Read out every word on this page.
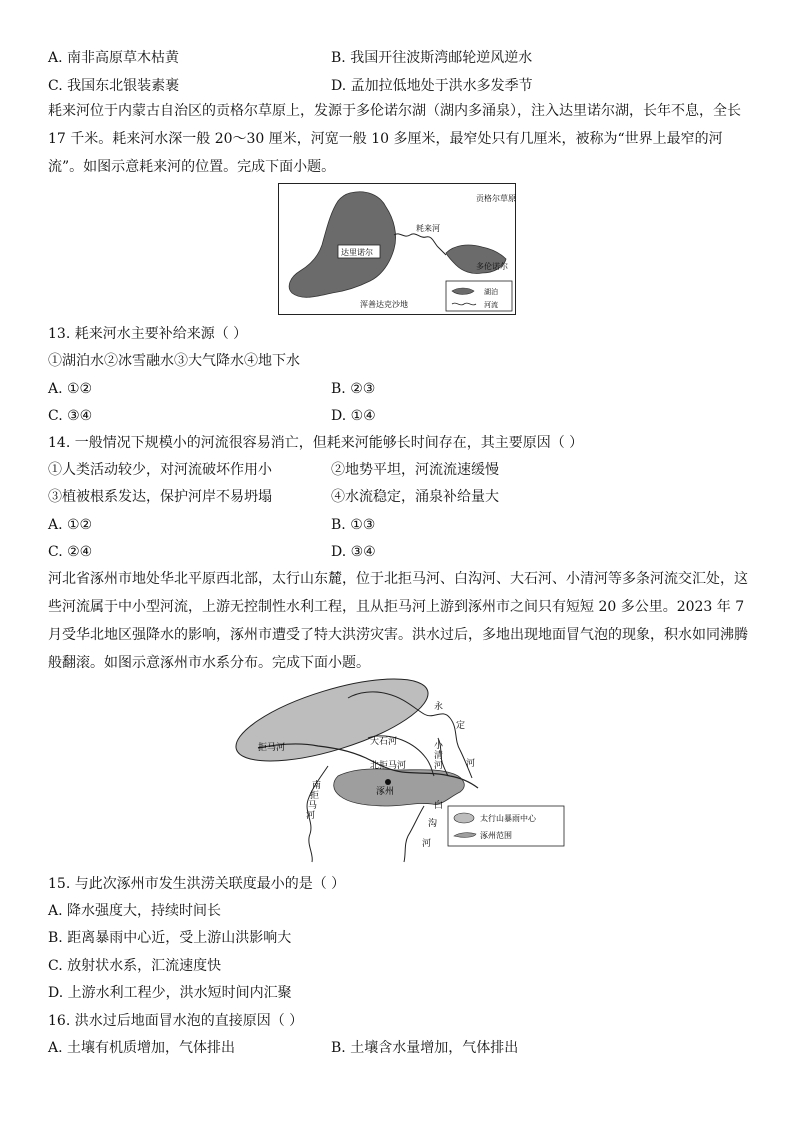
A. 南非高原草木枯黄	B. 我国开往波斯湾邮轮逆风逆水
C. 我国东北银装素裹	D. 孟加拉低地处于洪水多发季节
耗来河位于内蒙古自治区的贡格尔草原上，发源于多伦诺尔湖（湖内多涌泉），注入达里诺尔湖，长年不息，全长 17 千米。耗来河水深一般 20～30 厘米，河宽一般 10 多厘米，最窄处只有几厘米，被称为“世界上最窄的河流”。如图示意耗来河的位置。完成下面小题。
贡格尔草原
耗来河
达里诺尔
多伦诺尔
浑善达克沙地
湖泊
河流
13. 耗来河水主要补给来源（ ）
①湖泊水②冰雪融水③大气降水④地下水
A. ①②	B. ②③
C. ③④	D. ①④
14. 一般情况下规模小的河流很容易消亡，但耗来河能够长时间存在，其主要原因（ ）
①人类活动较少，对河流破坏作用小	②地势平坦，河流流速缓慢
③植被根系发达，保护河岸不易坍塌	④水流稳定，涌泉补给量大
A. ①②	B. ①③
C. ②④	D. ③④
河北省涿州市地处华北平原西北部，太行山东麓，位于北拒马河、白沟河、大石河、小清河等多条河流交汇处，这些河流属于中小型河流，上游无控制性水利工程，且从拒马河上游到涿州市之间只有短短 20 多公里。2023 年 7 月受华北地区强降水的影响，涿州市遭受了特大洪涝灾害。洪水过后，多地出现地面冒气泡的现象，积水如同沸腾般翻滚。如图示意涿州市水系分布。完成下面小题。
永
定
河
大石河
拒马河	小
清
河
北拒马河
涿州
南
拒
马
河
白
沟
河
太行山暴雨中心
涿州范围
15. 与此次涿州市发生洪涝关联度最小的是（ ）
A. 降水强度大，持续时间长
B. 距离暴雨中心近，受上游山洪影响大
C. 放射状水系，汇流速度快
D. 上游水利工程少，洪水短时间内汇聚
16. 洪水过后地面冒水泡的直接原因（ ）
A. 土壤有机质增加，气体排出	B. 土壤含水量增加，气体排出
